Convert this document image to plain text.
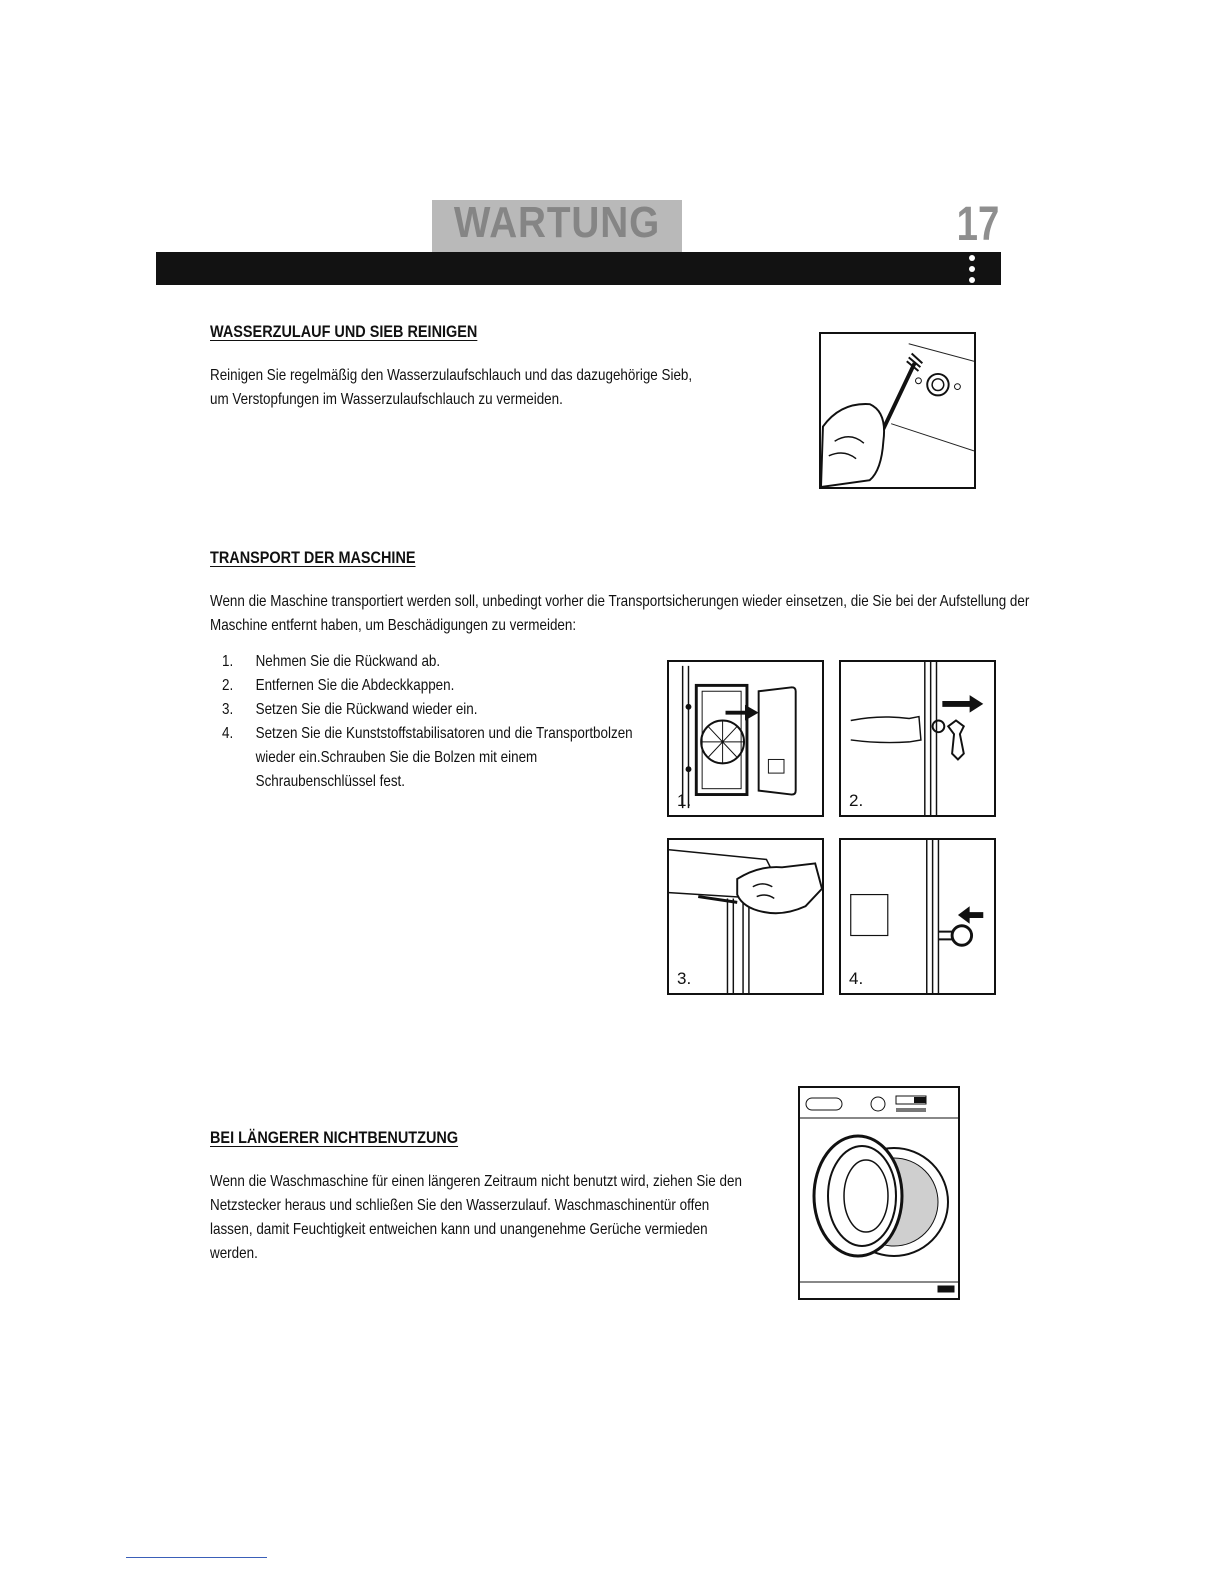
WARTUNG	17
WASSERZULAUF UND SIEB REINIGEN
Reinigen Sie regelmäßig den Wasserzulaufschlauch und das dazugehörige Sieb, um Verstopfungen im Wasserzulaufschlauch zu vermeiden.
TRANSPORT DER MASCHINE
Wenn die Maschine transportiert werden soll, unbedingt vorher die Transportsicherungen wieder einsetzen, die Sie bei der Aufstellung der Maschine entfernt haben, um Beschädigungen zu vermeiden:
1. Nehmen Sie die Rückwand ab.
2. Entfernen Sie die Abdeckkappen.
3. Setzen Sie die Rückwand wieder ein.
4. Setzen Sie die Kunststoffstabilisatoren und die Transportbolzen
wieder ein.Schrauben Sie die Bolzen mit einem
Schraubenschlüssel fest.
1.	2.
3.	4.
BEI LÄNGERER NICHTBENUTZUNG
Wenn die Waschmaschine für einen längeren Zeitraum nicht benutzt wird, ziehen Sie den Netzstecker heraus und schließen Sie den Wasserzulauf. Waschmaschinentür offen lassen, damit Feuchtigkeit entweichen kann und unangenehme Gerüche vermieden werden.
